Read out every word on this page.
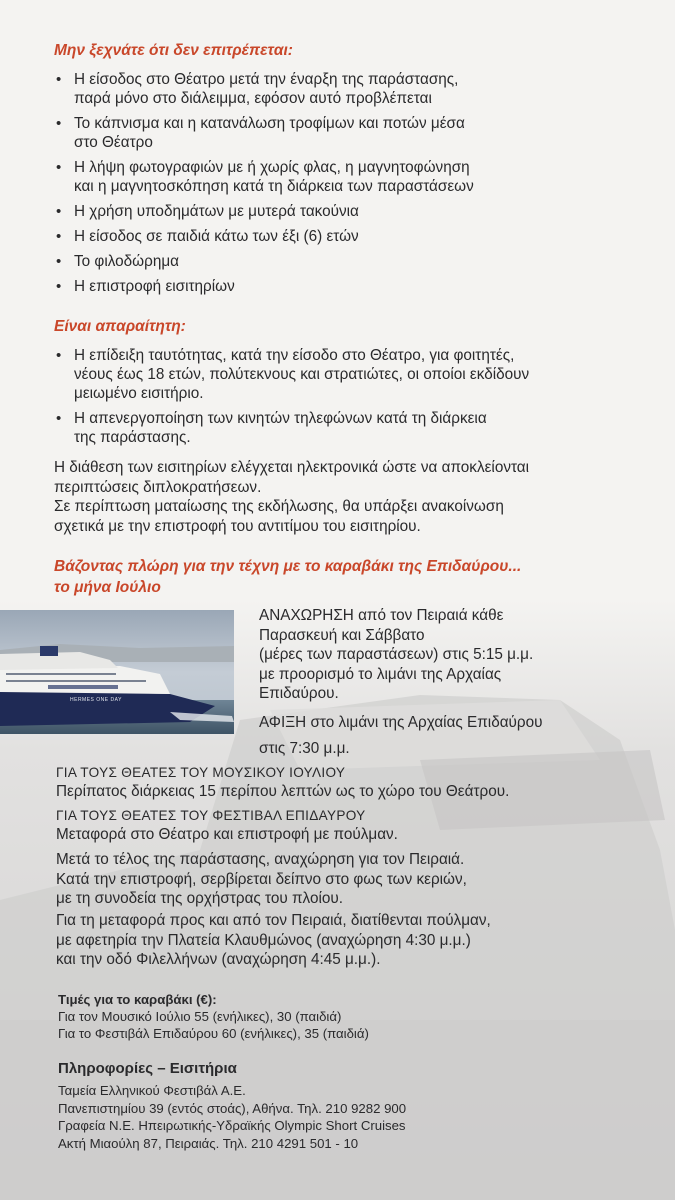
Μην ξεχνάτε ότι δεν επιτρέπεται:
• Η είσοδος στο Θέατρο μετά την έναρξη της παράστασης,
παρά μόνο στο διάλειμμα, εφόσον αυτό προβλέπεται
• Το κάπνισμα και η κατανάλωση τροφίμων και ποτών μέσα
στο Θέατρο
• Η λήψη φωτογραφιών με ή χωρίς φλας, η μαγνητοφώνηση
και η μαγνητοσκόπηση κατά τη διάρκεια των παραστάσεων
• Η χρήση υποδημάτων με μυτερά τακούνια
• Η είσοδος σε παιδιά κάτω των έξι (6) ετών
• Το φιλοδώρημα
• Η επιστροφή εισιτηρίων
Είναι απαραίτητη:
• Η επίδειξη ταυτότητας, κατά την είσοδο στο Θέατρο, για φοιτητές,
νέους έως 18 ετών, πολύτεκνους και στρατιώτες, οι οποίοι εκδίδουν
μειωμένο εισιτήριο.
• Η απενεργοποίηση των κινητών τηλεφώνων κατά τη διάρκεια
της παράστασης.
Η διάθεση των εισιτηρίων ελέγχεται ηλεκτρονικά ώστε να αποκλείονται
περιπτώσεις διπλοκρατήσεων.
Σε περίπτωση ματαίωσης της εκδήλωσης, θα υπάρξει ανακοίνωση
σχετικά με την επιστροφή του αντιτίμου του εισιτηρίου.
Βάζοντας πλώρη για την τέχνη με το καραβάκι της Επιδαύρου...
το μήνα Ιούλιο
HERMES ONE DAY
ΑΝΑΧΩΡΗΣΗ από τον Πειραιά κάθε
Παρασκευή και Σάββατο
(μέρες των παραστάσεων) στις 5:15 μ.μ.
με προορισμό το λιμάνι της Αρχαίας
Επιδαύρου.
ΑΦΙΞΗ στο λιμάνι της Αρχαίας Επιδαύρου
στις 7:30 μ.μ.
ΓΙΑ ΤΟΥΣ ΘΕΑΤΕΣ ΤΟΥ ΜΟΥΣΙΚΟΥ ΙΟΥΛΙΟΥ
Περίπατος διάρκειας 15 περίπου λεπτών ως το χώρο του Θεάτρου.
ΓΙΑ ΤΟΥΣ ΘΕΑΤΕΣ ΤΟΥ ΦΕΣΤΙΒΑΛ ΕΠΙΔΑΥΡΟΥ
Μεταφορά στο Θέατρο και επιστροφή με πούλμαν.
Μετά το τέλος της παράστασης, αναχώρηση για τον Πειραιά.
Κατά την επιστροφή, σερβίρεται δείπνο στο φως των κεριών,
με τη συνοδεία της ορχήστρας του πλοίου.
Για τη μεταφορά προς και από τον Πειραιά, διατίθενται πούλμαν,
με αφετηρία την Πλατεία Κλαυθμώνος (αναχώρηση 4:30 μ.μ.)
και την οδό Φιλελλήνων (αναχώρηση 4:45 μ.μ.).
Τιμές για το καραβάκι (€):
Για τον Μουσικό Ιούλιο 55 (ενήλικες), 30 (παιδιά)
Για το Φεστιβάλ Επιδαύρου 60 (ενήλικες), 35 (παιδιά)
Πληροφορίες – Εισιτήρια
Ταμεία Ελληνικού Φεστιβάλ Α.Ε.
Πανεπιστημίου 39 (εντός στοάς), Αθήνα. Τηλ. 210 9282 900
Γραφεία Ν.Ε. Ηπειρωτικής-Υδραϊκής Olympic Short Cruises
Ακτή Μιαούλη 87, Πειραιάς. Τηλ. 210 4291 501 - 10
